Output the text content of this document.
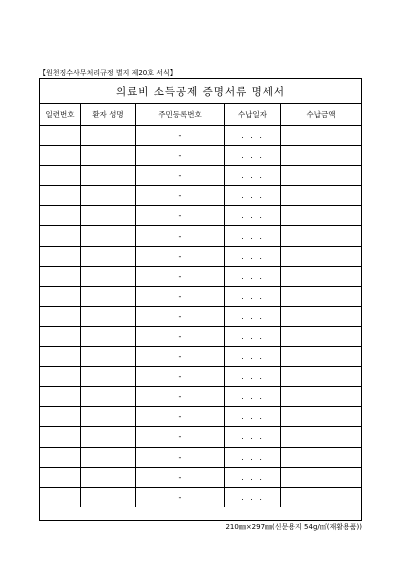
【원천징수사무처리규정 별지 제20호 서식】
의료비 소득공제 증명서류 명세서
일련번호	환자 성명	주민등록번호	수납일자	수납금액
		-	. . .	
		-	. . .	
		-	. . .	
		-	. . .	
		-	. . .	
		-	. . .	
		-	. . .	
		-	. . .	
		-	. . .	
		-	. . .	
		-	. . .	
		-	. . .	
		-	. . .	
		-	. . .	
		-	. . .	
		-	. . .	
		-	. . .	
		-	. . .	
		-	. . .	
210㎜×297㎜(신문용지 54g/㎡(재활용품))
